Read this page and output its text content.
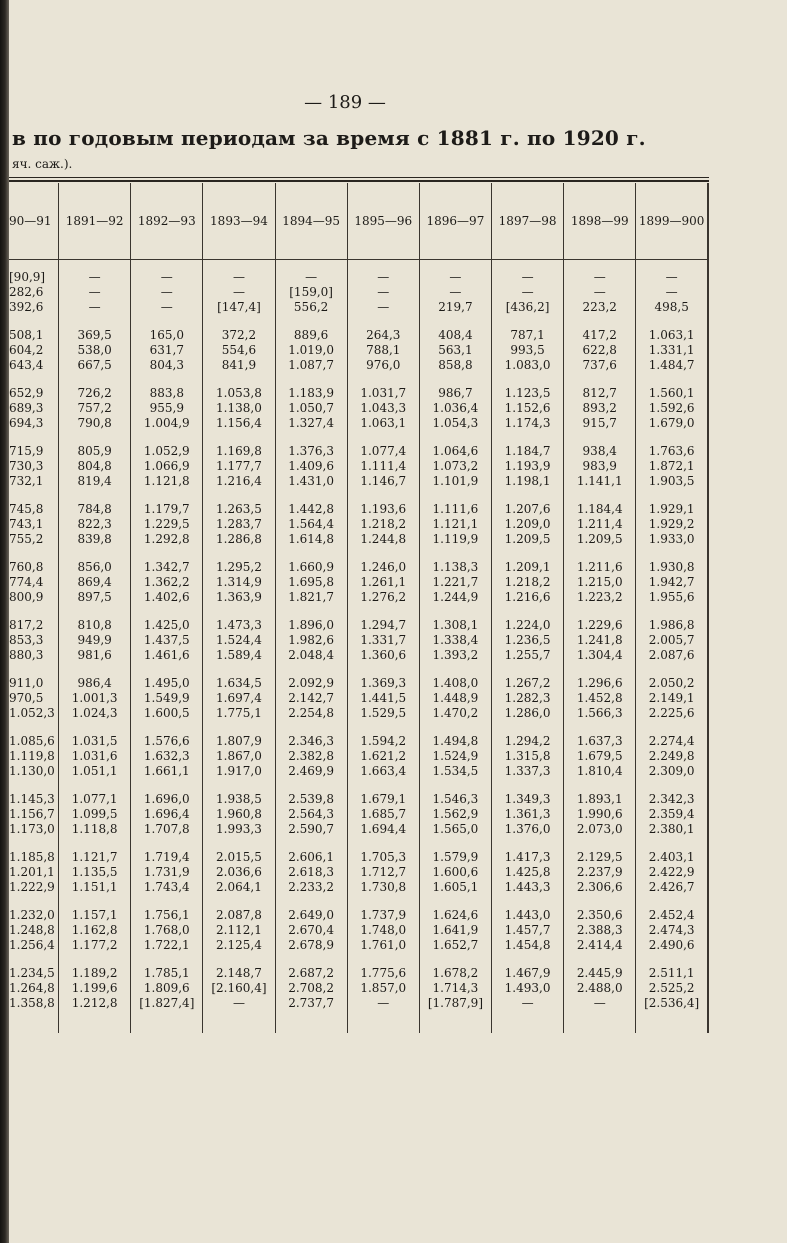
— 189 —
в по годовым периодам за время с 1881 г. по 1920 г.
яч. саж.).
90—91	1891—92	1892—93	1893—94	1894—95	1895—96	1896—97	1897—98	1898—99	1899—900

[90,9]	—	—	—	—	—	—	—	—	—
282,6	—	—	—	[159,0]	—	—	—	—	—
392,6	—	—	[147,4]	556,2	—	219,7	[436,2]	223,2	498,5

508,1	369,5	165,0	372,2	889,6	264,3	408,4	787,1	417,2	1.063,1
604,2	538,0	631,7	554,6	1.019,0	788,1	563,1	993,5	622,8	1.331,1
643,4	667,5	804,3	841,9	1.087,7	976,0	858,8	1.083,0	737,6	1.484,7

652,9	726,2	883,8	1.053,8	1.183,9	1.031,7	986,7	1.123,5	812,7	1.560,1
689,3	757,2	955,9	1.138,0	1.050,7	1.043,3	1.036,4	1.152,6	893,2	1.592,6
694,3	790,8	1.004,9	1.156,4	1.327,4	1.063,1	1.054,3	1.174,3	915,7	1.679,0

715,9	805,9	1.052,9	1.169,8	1.376,3	1.077,4	1.064,6	1.184,7	938,4	1.763,6
730,3	804,8	1.066,9	1.177,7	1.409,6	1.111,4	1.073,2	1.193,9	983,9	1.872,1
732,1	819,4	1.121,8	1.216,4	1.431,0	1.146,7	1.101,9	1.198,1	1.141,1	1.903,5

745,8	784,8	1.179,7	1.263,5	1.442,8	1.193,6	1.111,6	1.207,6	1.184,4	1.929,1
743,1	822,3	1.229,5	1.283,7	1.564,4	1.218,2	1.121,1	1.209,0	1.211,4	1.929,2
755,2	839,8	1.292,8	1.286,8	1.614,8	1.244,8	1.119,9	1.209,5	1.209,5	1.933,0

760,8	856,0	1.342,7	1.295,2	1.660,9	1.246,0	1.138,3	1.209,1	1.211,6	1.930,8
774,4	869,4	1.362,2	1.314,9	1.695,8	1.261,1	1.221,7	1.218,2	1.215,0	1.942,7
800,9	897,5	1.402,6	1.363,9	1.821,7	1.276,2	1.244,9	1.216,6	1.223,2	1.955,6

817,2	810,8	1.425,0	1.473,3	1.896,0	1.294,7	1.308,1	1.224,0	1.229,6	1.986,8
853,3	949,9	1.437,5	1.524,4	1.982,6	1.331,7	1.338,4	1.236,5	1.241,8	2.005,7
880,3	981,6	1.461,6	1.589,4	2.048,4	1.360,6	1.393,2	1.255,7	1.304,4	2.087,6

911,0	986,4	1.495,0	1.634,5	2.092,9	1.369,3	1.408,0	1.267,2	1.296,6	2.050,2
970,5	1.001,3	1.549,9	1.697,4	2.142,7	1.441,5	1.448,9	1.282,3	1.452,8	2.149,1
1.052,3	1.024,3	1.600,5	1.775,1	2.254,8	1.529,5	1.470,2	1.286,0	1.566,3	2.225,6

1.085,6	1.031,5	1.576,6	1.807,9	2.346,3	1.594,2	1.494,8	1.294,2	1.637,3	2.274,4
1.119,8	1.031,6	1.632,3	1.867,0	2.382,8	1.621,2	1.524,9	1.315,8	1.679,5	2.249,8
1.130,0	1.051,1	1.661,1	1.917,0	2.469,9	1.663,4	1.534,5	1.337,3	1.810,4	2.309,0

1.145,3	1.077,1	1.696,0	1.938,5	2.539,8	1.679,1	1.546,3	1.349,3	1.893,1	2.342,3
1.156,7	1.099,5	1.696,4	1.960,8	2.564,3	1.685,7	1.562,9	1.361,3	1.990,6	2.359,4
1.173,0	1.118,8	1.707,8	1.993,3	2.590,7	1.694,4	1.565,0	1.376,0	2.073,0	2.380,1

1.185,8	1.121,7	1.719,4	2.015,5	2.606,1	1.705,3	1.579,9	1.417,3	2.129,5	2.403,1
1.201,1	1.135,5	1.731,9	2.036,6	2.618,3	1.712,7	1.600,6	1.425,8	2.237,9	2.422,9
1.222,9	1.151,1	1.743,4	2.064,1	2.233,2	1.730,8	1.605,1	1.443,3	2.306,6	2.426,7

1.232,0	1.157,1	1.756,1	2.087,8	2.649,0	1.737,9	1.624,6	1.443,0	2.350,6	2.452,4
1.248,8	1.162,8	1.768,0	2.112,1	2.670,4	1.748,0	1.641,9	1.457,7	2.388,3	2.474,3
1.256,4	1.177,2	1.722,1	2.125,4	2.678,9	1.761,0	1.652,7	1.454,8	2.414,4	2.490,6

1.234,5	1.189,2	1.785,1	2.148,7	2.687,2	1.775,6	1.678,2	1.467,9	2.445,9	2.511,1
1.264,8	1.199,6	1.809,6	[2.160,4]	2.708,2	1.857,0	1.714,3	1.493,0	2.488,0	2.525,2
1.358,8	1.212,8	[1.827,4]	—	2.737,7	—	[1.787,9]	—	—	[2.536,4]
